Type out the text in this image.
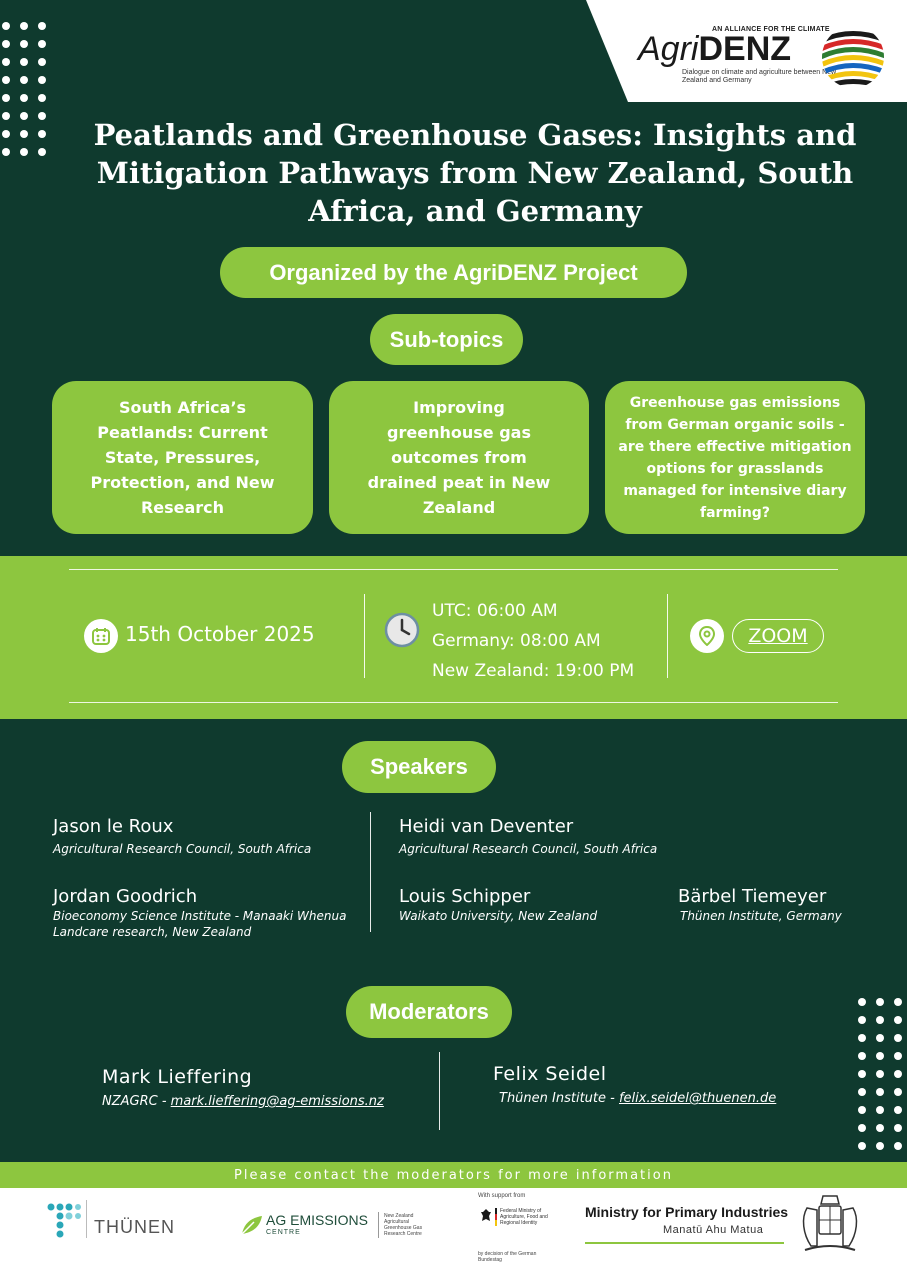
AN ALLIANCE FOR THE CLIMATE
AgriDENZ
Dialogue on climate and agriculture between New Zealand and Germany
Peatlands and Greenhouse Gases: Insights and Mitigation Pathways from New Zealand, South Africa, and Germany
Organized by the AgriDENZ Project
Sub-topics
South Africa’s Peatlands: Current State, Pressures, Protection, and New Research
Improving greenhouse gas outcomes from drained peat in New Zealand
Greenhouse gas emissions from German organic soils - are there effective mitigation options for grasslands managed for intensive diary farming?
15th October 2025
UTC: 06:00 AM
Germany: 08:00 AM
New Zealand: 19:00 PM
ZOOM
Speakers
Jason le Roux
Agricultural Research Council, South Africa
Heidi van Deventer
Agricultural Research Council, South Africa
Jordan Goodrich
Bioeconomy Science Institute - Manaaki Whenua Landcare research, New Zealand
Louis Schipper
Waikato University, New Zealand
Bärbel Tiemeyer
Thünen Institute, Germany
Moderators
Mark Lieffering
NZAGRC - mark.lieffering@ag-emissions.nz
Felix Seidel
Thünen Institute - felix.seidel@thuenen.de
Please contact the moderators for more information
THÜNEN	AG EMISSIONS
CENTRE
New Zealand Agricultural Greenhouse Gas Research Centre
With support from
Federal Ministry of Agriculture, Food and Regional Identity
by decision of the German Bundestag
Ministry for Primary Industries
Manatū Ahu Matua
